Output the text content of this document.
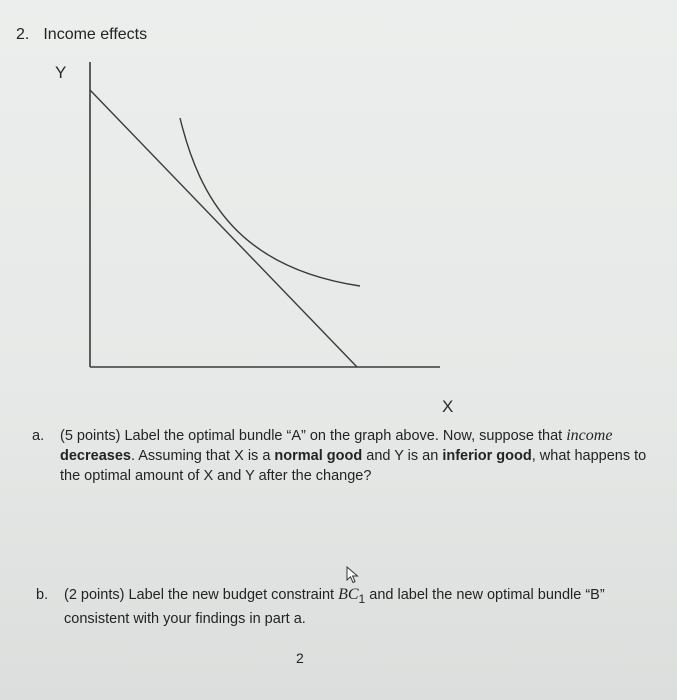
2. Income effects
Y
X
a. (5 points) Label the optimal bundle “A” on the graph above. Now, suppose that income decreases. Assuming that X is a normal good and Y is an inferior good, what happens to the optimal amount of X and Y after the change?
b. (2 points) Label the new budget constraint $BC_1$ and label the new optimal bundle “B” consistent with your findings in part a.
2
